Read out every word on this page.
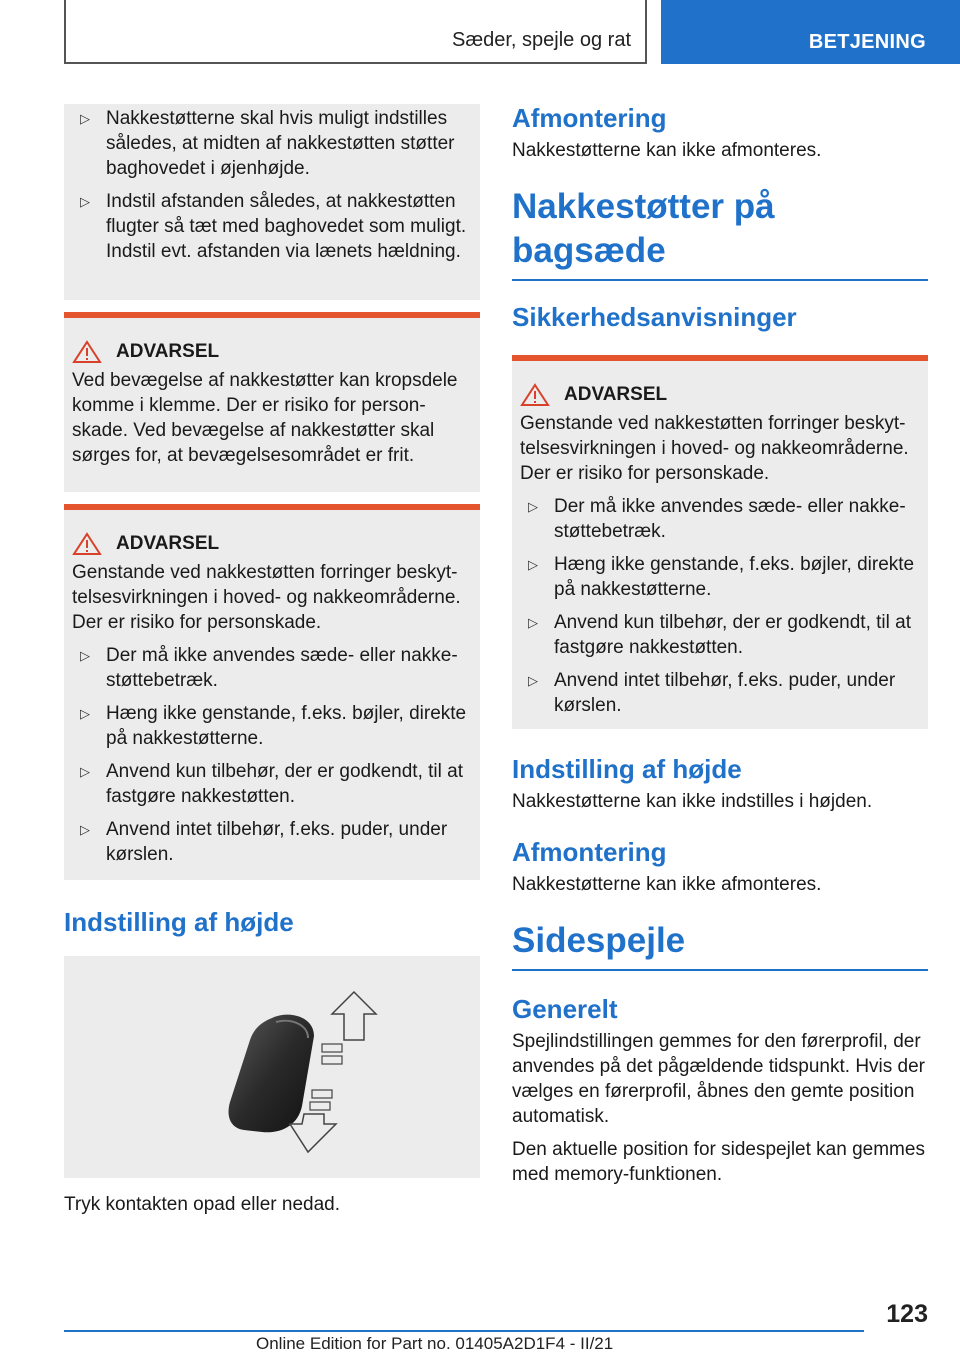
Sæder, spejle og rat	BETJENING
▷ Nakkestøtterne skal hvis muligt indstilles således, at midten af nakkestøtten støtter baghovedet i øjenhøjde.
▷ Indstil afstanden således, at nakkestøtten flugter så tæt med baghovedet som muligt. Indstil evt. afstanden via lænets hældning.
ADVARSEL

Ved bevægelse af nakkestøtter kan kropsdele komme i klemme. Der er risiko for personskade. Ved bevægelse af nakkestøtter skal sørges for, at bevægelsesområdet er frit.

ADVARSEL

Genstande ved nakkestøtten forringer beskyttelsesvirkningen i hoved- og nakkeområderne. Der er risiko for personskade.

▷ Der må ikke anvendes sæde- eller nakkestøttebetræk.
▷ Hæng ikke genstande, f.eks. bøjler, direkte på nakkestøtterne.
▷ Anvend kun tilbehør, der er godkendt, til at fastgøre nakkestøtten.
▷ Anvend intet tilbehør, f.eks. puder, under kørslen.
Indstilling af højde

Tryk kontakten opad eller nedad.

Afmontering

Nakkestøtterne kan ikke afmonteres.

Nakkestøtter på bagsæde
Sikkerhedsanvisninger
ADVARSEL

Genstande ved nakkestøtten forringer beskyttelsesvirkningen i hoved- og nakkeområderne. Der er risiko for personskade.

▷ Der må ikke anvendes sæde- eller nakkestøttebetræk.
▷ Hæng ikke genstande, f.eks. bøjler, direkte på nakkestøtterne.
▷ Anvend kun tilbehør, der er godkendt, til at fastgøre nakkestøtten.
▷ Anvend intet tilbehør, f.eks. puder, under kørslen.
Indstilling af højde

Nakkestøtterne kan ikke indstilles i højden.

Afmontering

Nakkestøtterne kan ikke afmonteres.

Sidespejle
Generelt

Spejlindstillingen gemmes for den førerprofil, der anvendes på det pågældende tidspunkt. Hvis der vælges en førerprofil, åbnes den gemte position automatisk.

Den aktuelle position for sidespejlet kan gemmes med memory-funktionen.

123
Online Edition for Part no. 01405A2D1F4 - II/21
